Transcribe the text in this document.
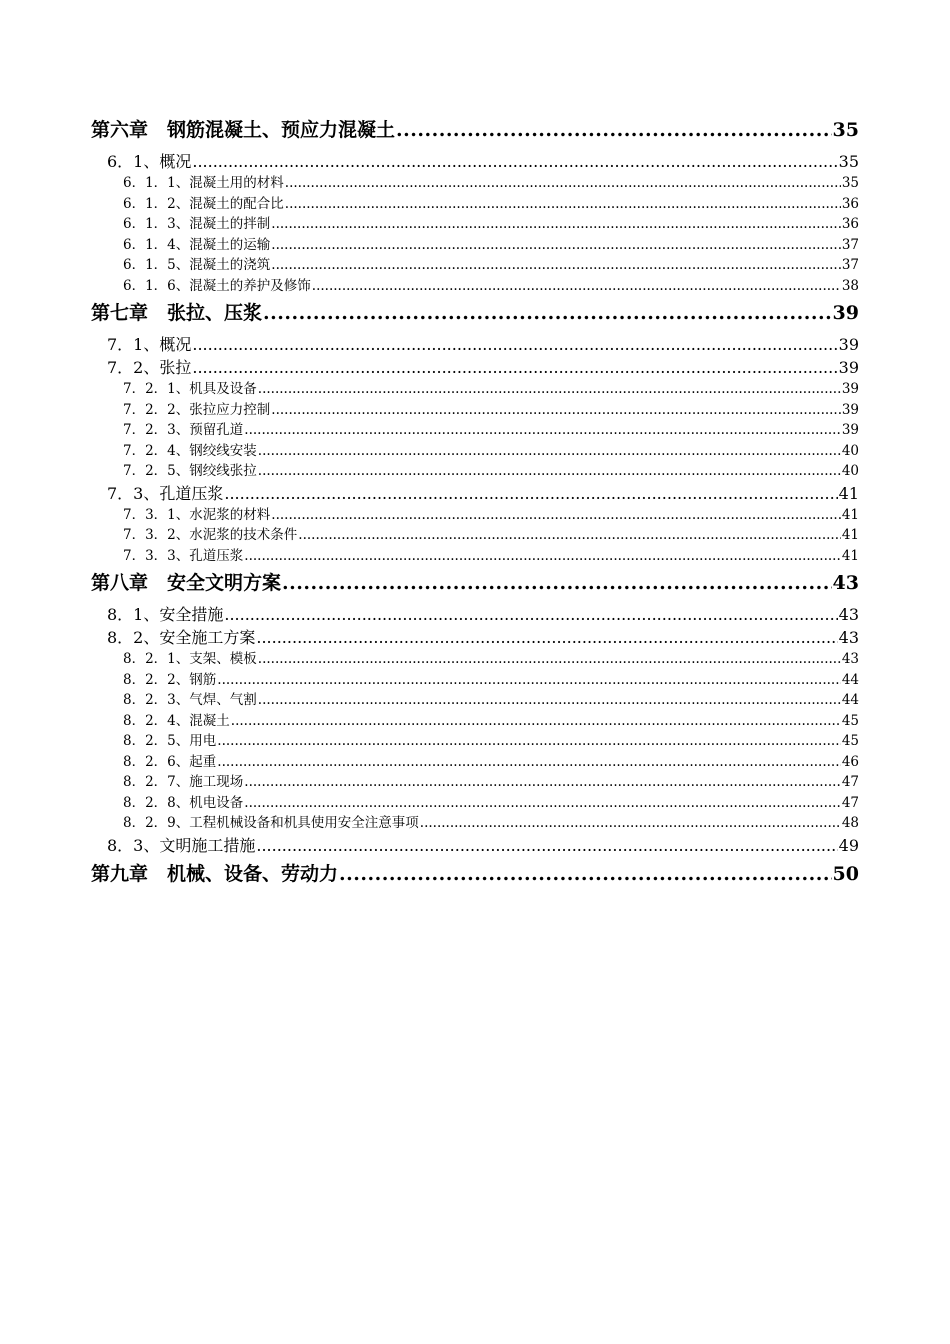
第六章　钢筋混凝土、预应力混凝土 .....	35
6．1、概况 .....	35
6．1．1、混凝土用的材料 .....	35
6．1．2、混凝土的配合比 .....	36
6．1．3、混凝土的拌制 .....	36
6．1．4、混凝土的运输 .....	37
6．1．5、混凝土的浇筑 .....	37
6．1．6、混凝土的养护及修饰 .....	38
第七章　张拉、压浆 .....	39
7．1、概况 .....	39
7．2、张拉 .....	39
7．2．1、机具及设备 .....	39
7．2．2、张拉应力控制 .....	39
7．2．3、预留孔道 .....	39
7．2．4、钢绞线安装 .....	40
7．2．5、钢绞线张拉 .....	40
7．3、孔道压浆 .....	41
7．3．1、水泥浆的材料 .....	41
7．3．2、水泥浆的技术条件 .....	41
7．3．3、孔道压浆 .....	41
第八章　安全文明方案 .....	43
8．1、安全措施 .....	43
8．2、安全施工方案 .....	43
8．2．1、支架、模板 .....	43
8．2．2、钢筋 .....	44
8．2．3、气焊、气割 .....	44
8．2．4、混凝土 .....	45
8．2．5、用电 .....	45
8．2．6、起重 .....	46
8．2．7、施工现场 .....	47
8．2．8、机电设备 .....	47
8．2．9、工程机械设备和机具使用安全注意事项 .....	48
8．3、文明施工措施 .....	49
第九章　机械、设备、劳动力 .....	50
